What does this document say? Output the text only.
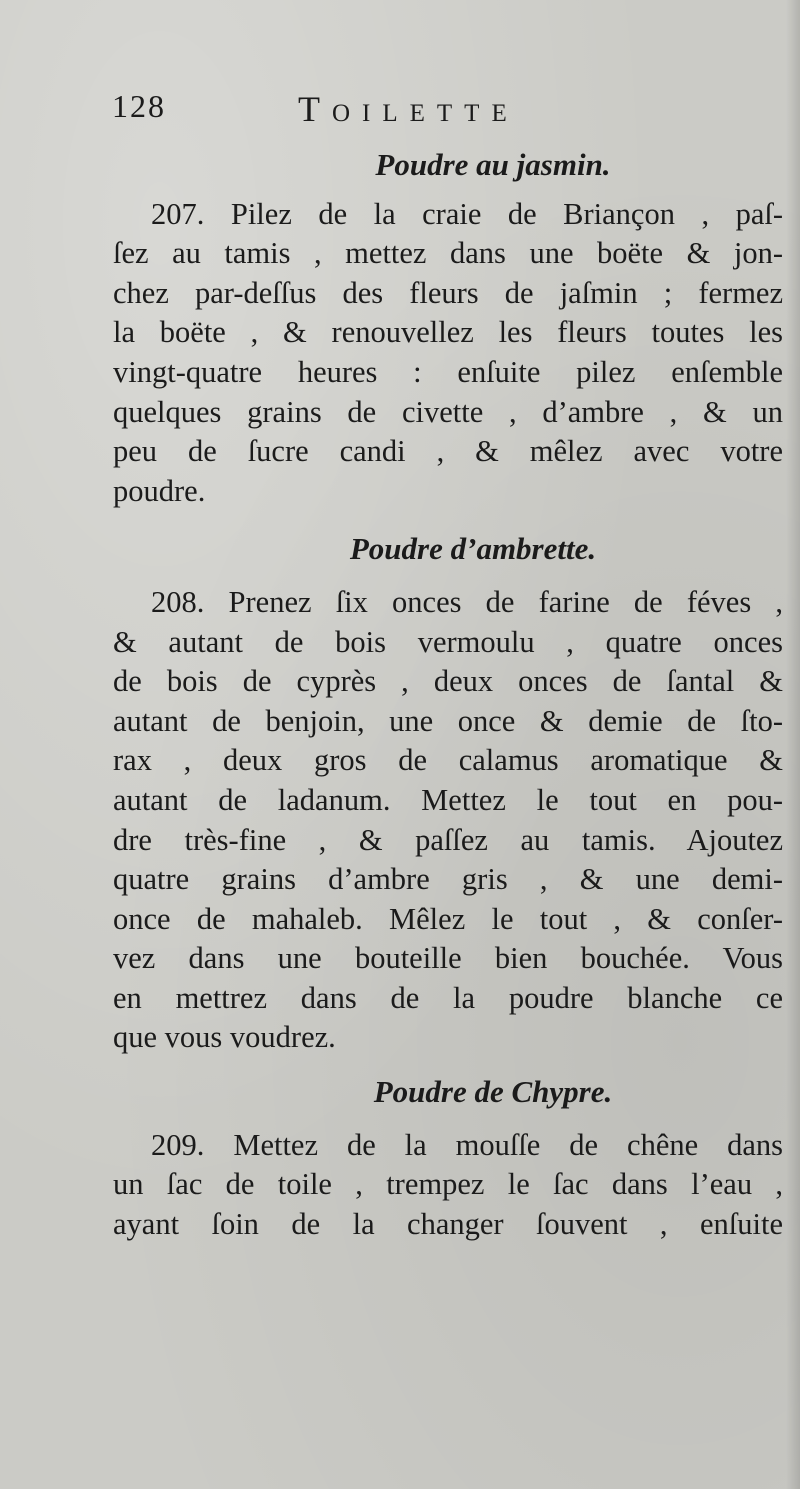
128	Toilette
Poudre au jasmin.
207. Pilez de la craie de Briançon , paſ-
ſez au tamis , mettez dans une boëte & jon-
chez par-deſſus des fleurs de jaſmin ; fermez
la boëte , & renouvellez les fleurs toutes les
vingt-quatre heures : enſuite pilez enſemble
quelques grains de civette , d’ambre , & un
peu de ſucre candi , & mêlez avec votre
poudre.
Poudre d’ambrette.
208. Prenez ſix onces de farine de féves ,
& autant de bois vermoulu , quatre onces
de bois de cyprès , deux onces de ſantal &
autant de benjoin, une once & demie de ſto-
rax , deux gros de calamus aromatique &
autant de ladanum. Mettez le tout en pou-
dre très-fine , & paſſez au tamis. Ajoutez
quatre grains d’ambre gris , & une demi-
once de mahaleb. Mêlez le tout , & conſer-
vez dans une bouteille bien bouchée. Vous
en mettrez dans de la poudre blanche ce
que vous voudrez.
Poudre de Chypre.
209. Mettez de la mouſſe de chêne dans
un ſac de toile , trempez le ſac dans l’eau ,
ayant ſoin de la changer ſouvent , enſuite
